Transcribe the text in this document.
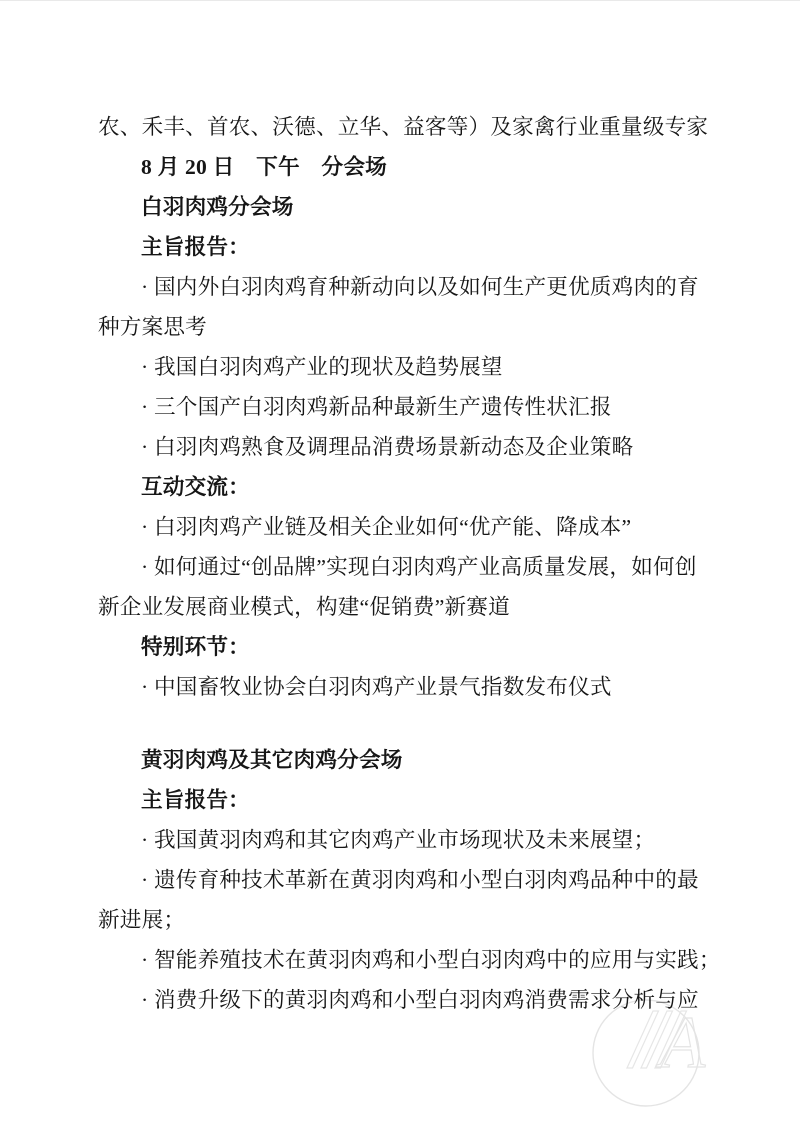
A
农、禾丰、首农、沃德、立华、益客等）及家禽行业重量级专家
8 月 20 日　下午　分会场
白羽肉鸡分会场
主旨报告：
· 国内外白羽肉鸡育种新动向以及如何生产更优质鸡肉的育
种方案思考
· 我国白羽肉鸡产业的现状及趋势展望
· 三个国产白羽肉鸡新品种最新生产遗传性状汇报
· 白羽肉鸡熟食及调理品消费场景新动态及企业策略
互动交流：
· 白羽肉鸡产业链及相关企业如何“优产能、降成本”
· 如何通过“创品牌”实现白羽肉鸡产业高质量发展，如何创
新企业发展商业模式，构建“促销费”新赛道
特别环节：
· 中国畜牧业协会白羽肉鸡产业景气指数发布仪式
黄羽肉鸡及其它肉鸡分会场
主旨报告：
· 我国黄羽肉鸡和其它肉鸡产业市场现状及未来展望；
· 遗传育种技术革新在黄羽肉鸡和小型白羽肉鸡品种中的最
新进展；
· 智能养殖技术在黄羽肉鸡和小型白羽肉鸡中的应用与实践；
· 消费升级下的黄羽肉鸡和小型白羽肉鸡消费需求分析与应
